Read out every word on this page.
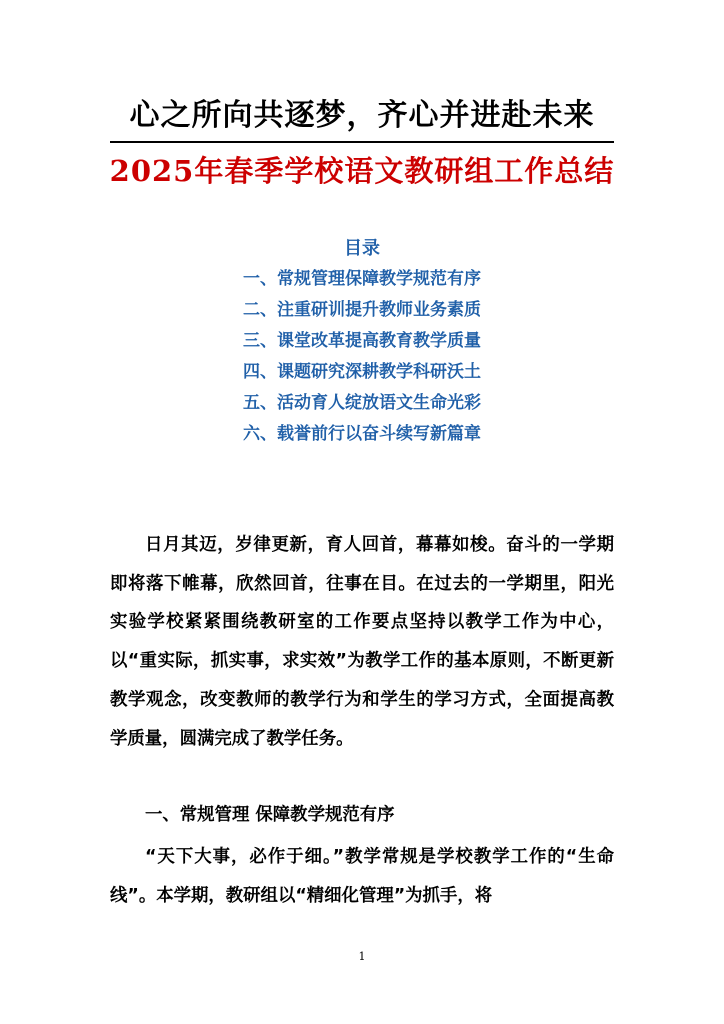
心之所向共逐梦，齐心并进赴未来
2025年春季学校语文教研组工作总结
目录
一、常规管理保障教学规范有序
二、注重研训提升教师业务素质
三、课堂改革提高教育教学质量
四、课题研究深耕教学科研沃土
五、活动育人绽放语文生命光彩
六、载誉前行以奋斗续写新篇章
日月其迈，岁律更新，育人回首，幕幕如梭。奋斗的一学期即将落下帷幕，欣然回首，往事在目。在过去的一学期里，阳光实验学校紧紧围绕教研室的工作要点坚持以教学工作为中心，以“重实际，抓实事，求实效”为教学工作的基本原则，不断更新教学观念，改变教师的教学行为和学生的学习方式，全面提高教学质量，圆满完成了教学任务。
一、常规管理 保障教学规范有序
“天下大事，必作于细。”教学常规是学校教学工作的“生命线”。本学期，教研组以“精细化管理”为抓手，将
1
